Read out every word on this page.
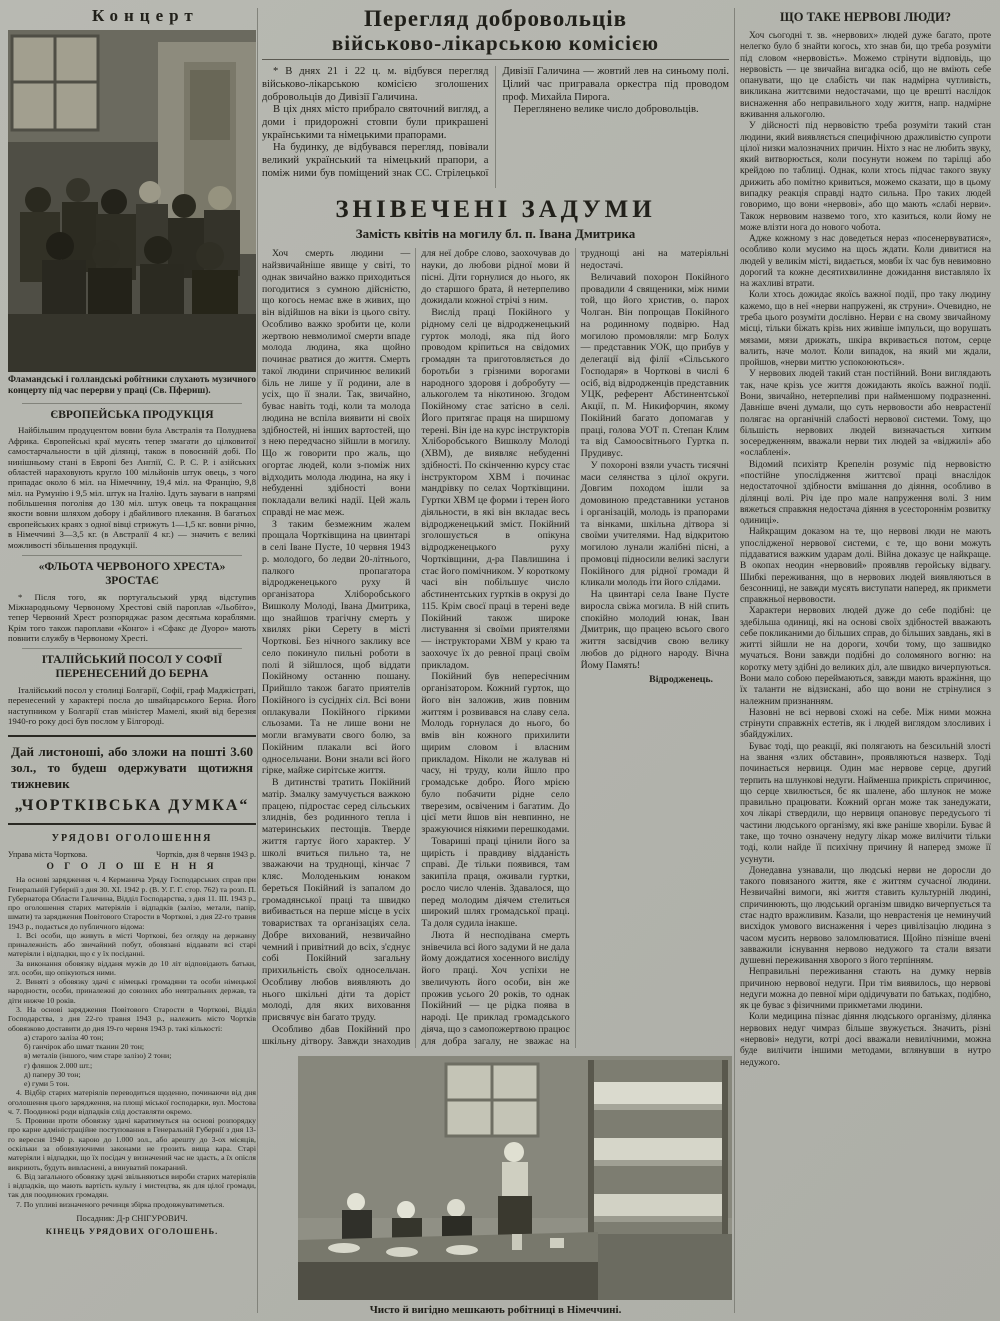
Концерт
Фламандські і голландські робітники слухають музичного концерту під час перерви у праці (Св. Пфериш).
ЄВРОПЕЙСЬКА ПРОДУКЦІЯ

Найбільшим продуцентом вовни була Австралія та Полуднева Африка. Європейські краї мусять тепер змагати до цілковитої самостарчальности в цій ділянці, також в повоєнній добі. По нинішньому стані в Европі без Англії, С. Р. С. Р. і азійських областей нараховують кругло 100 мільйонів штук овець, з чого припадає около 6 міл. на Німеччину, 19,4 міл. на Францію, 9,8 міл. на Румунію і 9,5 міл. штук на Італію. Ідуть зауваги в напрямі побільшення поголівя до 130 міл. штук овець та покращання якости вовни шляхом добору і дбайливого плекання. В багатьох європейських краях з одної вівці стрижуть 1—1,5 кг. вовни річно, в Німеччині 3—3,5 кг. (в Австралії 4 кг.) — значить є великі можливості збільшення продукції.

«ФЛЬОТА ЧЕРВОНОГО ХРЕСТА» ЗРОСТАЄ

* Після того, як португальський уряд відступив Міжнародньому Червоному Хрестові свій пароплав «Льобіто», тепер Червоний Хрест розпоряджає разом десятьма кораблями. Крім того також пароплави «Конго» і «Сфакс де Дуоро» мають повнити службу в Червоному Хресті.

ІТАЛІЙСЬКИЙ ПОСОЛ У СОФІЇ ПЕРЕНЕСЕНИЙ ДО БЕРНА

Італійський посол у столиці Болгарії, Софії, граф Маджістраті, перенесений у характері посла до швайцарського Берна. Його наступником у Болгарії став міністер Мамелі, який від березня 1940-го року досі був послом у Білгороді.

Дай листоноші, або зложи на пошті 3.60 зол., то будеш одержувати щотижня тижневик
„ЧОРТКІВСЬКА ДУМКА“
УРЯДОВІ ОГОЛОШЕННЯ
Управа міста Чорткова.	Чортків, дня 8 червня 1943 р.
О Г О Л О Ш Е Н Н Я

На основі зарядження ч. 4 Керманича Уряду Господарських справ при Генеральній Губернії з дня 30. XI. 1942 р. (В. У. Г. Г. стор. 762) та розп. П. Губернатора Области Галичина, Відділ Господарства, з дня 11. III. 1943 р., про оголошення старих матеріялів і відпадків (залізо, метали, папір, шмати) та зарядження Повітового Старости в Чорткові, з дня 22-го травня 1943 р., подається до публичного відома:

1. Всі особи, що живуть в місті Чорткові, без огляду на державну приналежність або звичайний побут, обовязані віддавати всі старі матеріяли і відпадки, що є у їх посіданні.

За виконання обовязку відданя мужів до 10 літ відповідають батьки, згл. особи, що опікуються ними.

2. Виняті з обовязку здачі є німецькі громадяни та особи німецької народности, особи, приналежні до союзних або невтральних держав, та діти нижче 10 років.

3. На основі зарядження Повітового Старости в Чорткові, Відділ Господарства, з дня 22-го травня 1943 р., належить місто Чортків обовязково доставити до дня 19-го червня 1943 р. такі кількості:

а) старого заліза 40 тон;

б) ганчірок або шмат тканин 20 тон;

в) металів (іншого, чим старе залізо) 2 тони;

г) фляшок 2.000 шт.;

д) паперу 30 тон;

е) гуми 5 тон.

4. Відбір старих матеріялів переводиться щоденно, починаючи від дня оголошення цього зарядження, на площі міської господарки, вул. Мостова ч. 7. Поодинокі роди відпадків слід доставляти окремо.

5. Провини проти обовязку здачі каратимуться на основі розпорядку про карне адміністраційне поступовання в Генеральній Губернії з дня 13-го вересня 1940 р. карою до 1.000 зол., або арешту до 3-ох місяців, оскільки за обовязуючими законами не грозить вища кара. Старі матеріяли і відпадки, що їх посідач у визначений час не здасть, а їх опісля викриють, будуть вивласнені, а винуватий покараний.

6. Від загального обовязку здачі звільняються вироби старих матеріялів і відпадків, що мають вартість культу і мистецтва, як для цілої громади, так для поодиноких громадян.

7. По упливі визначеного речинця збірка продовжуватиметься.

Посадник: Д-р СНІГУРОВИЧ.
КІНЕЦЬ УРЯДОВИХ ОГОЛОШЕНЬ.
Перегляд добровольців
військово-лікарською комісією

* В днях 21 і 22 ц. м. відбувся перегляд військово-лікарською комісією зголошених добровольців до Дивізії Галичина.

В ціх днях місто прибрало святочний вигляд, а доми і придорожні стовпи були прикрашені українськими та німецькими прапорами.

На будинку, де відбувався перегляд, повівали великий український та німецький прапори, а поміж ними був поміщений знак СС. Стрілецької Дивізії Галичина — жовтий лев на синьому полі. Цілий час пригравала оркестра під проводом проф. Михайла Пирога.

Переглянено велике число добровольців.

ЗНІВЕЧЕНІ ЗАДУМИ
Замість квітів на могилу бл. п. Івана Дмитрика

Хоч смерть людини — найзвичайніше явище у світі, то однак звичайно важко приходиться погодитися з сумною дійсністю, що когось немає вже в живих, що він відійшов на віки із цього світу. Особливо важко зробити це, коли жертвою невмолимої смерти впаде молода людина, яка щойно починає рватися до життя. Смерть такої людини спричинює великий біль не лише у її родини, але в усіх, що її знали. Так, звичайно, буває навіть тоді, коли та молода людина не вспіла виявити ні своїх здібностей, ні інших вартостей, що з нею передчасно зійшли в могилу. Що ж говорити про жаль, що огортає людей, коли з-поміж них відходить молода людина, на яку і небуденні здібності вони покладали великі надії. Цей жаль справді не має меж.

З таким безмежним жалем прощала Чортківщина на цвинтарі в селі Іване Пусте, 10 червня 1943 р. молодого, бо ледви 20-літнього, палкого пропагатора відродженецького руху й організатора Хліборобського Вишколу Молоді, Івана Дмитрика, що знайшов трагічну смерть у хвилях ріки Серету в місті Чорткові. Без нічного заклику все село покинуло пильні роботи в полі й зійшлося, щоб віддати Покійному останню пошану. Прийшло також багато приятелів Покійного із сусідніх сіл. Всі вони оплакували Покійного гіркими сльозами. Та не лише вони не могли вгамувати свого болю, за Покійним плакали всі його односельчани. Вони знали всі його гірке, майже сирітське життя.

В дитинстві тратить Покійний матір. Змалку замучується важкою працею, підростає серед сільських злиднів, без родинного тепла і материнських пестощів. Тверде життя гартує його характер. У школі вчиться пильно та, не зважаючи на труднощі, кінчає 7 кляс. Молоденьким юнаком береться Покійний із запалом до громадянської праці та швидко вибивається на перше місце в усіх товариствах та організаціях села. Добре вихований, незвичайно чемний і привітний до всіх, з'єднує собі Покійний загальну прихильність своїх односельчан. Особливу любов виявляють до нього шкільні діти та доріст молоді, для яких виховання присвячує він багато труду.

Особливо дбав Покійний про шкільну дітвору. Завжди знаходив для неї добре слово, заохочував до науки, до любови рідної мови й пісні. Діти горнулися до нього, як до старшого брата, й нетерпеливо дожидали кожної стрічі з ним.

Вислід праці Покійного у рідному селі це відродженецький гурток молоді, яка під його проводом кріпиться на свідомих громадян та приготовляється до боротьби з грізними ворогами народного здоровя і добробуту — алькоголем та нікотиною. Згодом Покійному стає затісно в селі. Його притягає праця на ширшому терені. Він іде на курс інструкторів Хліборобського Вишколу Молоді (ХВМ), де виявляє небуденні здібності. По скінченню курсу стає інструктором ХВМ і починає мандрівку по селах Чортківщини. Гуртки ХВМ це форми і терен його діяльности, в які він вкладає весь відродженецький зміст. Покійний зголошується в опікуна відродженецького руху Чортківщини, д-ра Павлишина і стає його помічником. У короткому часі він побільшує число абстинентських гуртків в окрузі до 115. Крім своєї праці в терені веде Покійний також широке листування зі своїми приятелями — інструкторами ХВМ у краю та заохочує їх до ревної праці своїм прикладом.

Покійний був непересічним організатором. Кожний гурток, що його він заложив, жив повним життям і розвивався на славу села. Молодь горнулася до нього, бо вмів він кожного прихилити щирим словом і власним прикладом. Ніколи не жалував ні часу, ні труду, коли йшло про громадське добро. Його мрією було побачити рідне село тверезим, освіченим і багатим. До цієї мети йшов він невпинно, не зражуючися ніякими перешкодами.

Товариші праці цінили його за щирість і правдиву відданість справі. Де тільки появився, там закипіла праця, оживали гуртки, росло число членів. Здавалося, що перед молодим діячем стелиться широкий шлях громадської праці. Та доля судила інакше.

Люта й несподівана смерть знівечила всі його задуми й не дала йому дождатися хосенного висліду його праці. Хоч успіхи не звеличують його особи, він же прожив усього 20 років, то однак Покійний — це рідка поява в народі. Це приклад громадського діяча, що з самопожертвою працює для добра загалу, не зважає на труднощі ані на матеріяльні недостачі.

Величавий похорон Покійного провадили 4 священики, між ними той, що його христив, о. парох Чолган. Він попрощав Покійного на родинному подвірю. Над могилою промовляли: мгр Болух — представник УОК, що прибув у делегації від філії «Сільського Господаря» в Чорткові в числі 6 осіб, від відродженців представник УЦК, референт Абстинентської Акції, п. М. Никифорчин, якому Покійний багато допомагав у праці, голова УОТ п. Степан Клим та від Самоосвітнього Гуртка п. Прудивус.

У похороні взяли участь тисячні маси селянства з цілої округи. Довгим походом ішли за домовиною представники установ і організацій, молодь із прапорами та вінками, шкільна дітвора зі своїми учителями. Над відкритою могилою лунали жалібні пісні, а промовці підносили великі заслуги Покійного для рідної громади й кликали молодь іти його слідами.

На цвинтарі села Іване Пусте виросла свіжа могила. В ній спить спокійно молодий юнак, Іван Дмитрик, що працею всього свого життя засвідчив свою велику любов до рідного народу. Вічна Йому Память!

Відродженець.

Чисто й вигідно мешкають робітниці в Німеччині.
ЩО ТАКЕ НЕРВОВІ ЛЮДИ?

Хоч сьогодні т. зв. «нервових» людей дуже багато, проте нелегко було б знайти когось, хто знав би, що треба розуміти під словом «нервовість». Можемо стрінути відповідь, що нервовість — це звичайна вигадка осіб, що не вміють себе опанувати, що це слабість чи пак надмірна чутливість, викликана життєвими недостачами, що це врешті наслідок виснаження або неправильного ходу життя, напр. надмірне вживання алькоголю.

У дійсності під нервовістю треба розуміти такий стан людини, який виявляється специфічною дражливістю супроти цілої низки малозначних причин. Ніхто з нас не любить звуку, який витворюється, коли посунути ножем по тарілці або крейдою по таблиці. Однак, коли хтось підчас такого звуку дрижить або помітно кривиться, можемо сказати, що в цьому випадку реакція справді надто сильна. Про таких людей говоримо, що вони «нервові», або що мають «слабі нерви». Також нервовим назвемо того, хто казиться, коли йому не може влізти нога до нового чобота.

Адже кожному з нас доведеться нераз «посенервуватися», особливо коли мусимо на щось ждати. Коли дивитися на людей у великім місті, видається, мовби їх час був невимовно дорогий та кожне десятихвилинне дожидання виставляло їх на жахливі втрати.

Коли хтось дожидає якоїсь важної події, про таку людину кажемо, що в неї «нерви напружені, як струни». Очевидно, не треба цього розуміти дослівно. Нерви є на свому звичайному місці, тільки біжать крізь них живіше імпульси, що ворушать мязами, мязи дрижать, шкіра вкривається потом, серце валить, наче молот. Коли випадок, на який ми ждали, пройшов, «нерви миттю успокоюються».

У нервових людей такий стан постійний. Вони виглядають так, наче крізь усе життя дожидають якоїсь важної події. Вони, звичайно, нетерпеливі при найменшому подразненні. Давніше вчені думали, що суть нервовости або неврастенії полягає на органічній слабості нервової системи. Тому, що більшість нервових людей визначається хитким зосередженням, вважали нерви тих людей за «віджилі» або «ослаблені».

Відомий психіятр Крепелін розуміє під нервовістю «постійне упослідження життєвої праці внаслідок недостаточної здібности вмішання до діяння, особливо в ділянці волі. Річ іде про мале напруження волі. З ним вяжеться справжня недостача діяння в усестороннім розвитку одиниці».

Найкращим доказом на те, що нервові люди не мають упослідженої нервової системи, є те, що вони можуть піддаватися важким ударам долі. Війна доказує це найкраще. В окопах неодин «нервовий» проявляв геройську відвагу. Шибкі переживання, що в нервових людей виявляються в безсонниці, не завжди мусять виступати наперед, як прикмети справжньої нервовости.

Характери нервових людей дуже до себе подібні: це здебільша одиниці, які на основі своїх здібностей вважають себе покликаними до більших справ, до більших завдань, які в житті зійшли не на дороги, хочби тому, що зашвидко мучаться. Вони завжди подібні до соломяного вогню: на коротку мету здібні до великих діл, але швидко вичерпуються. Вони мало собою переймаються, завжди мають вражіння, що їх таланти не відзискані, або що вони не стрінулися з належним признанням.

Назовні не всі нервові схожі на себе. Між ними можна стрінути справжніх естетів, як і людей виглядом злосливих і збайдужілих.

Буває тоді, що реакції, які полягають на безсильній злості на звання «злих обставин», проявляються назверх. Тоді починається нервиця. Один має нервове серце, другий терпить на шлункові недуги. Найменша прикрість спричинює, що серце хвилюється, бє як шалене, або шлунок не може правильно працювати. Кожний орган може так занедужати, хоч лікарі ствердили, що нервиця опановує передусього ті частини людського організму, які вже раніше хворіли. Буває й таке, що точно означену недугу лікар може вилічити тільки тоді, коли найде її психічну причину й наперед зможе її усунути.

Донедавна узнавали, що людські нерви не доросли до такого повязаного життя, яке є життям сучасної людини. Незвичайні вимоги, які життя ставить культурній людині, спричинюють, що людський організм швидко вичерпується та стає надто вражливим. Казали, що неврастенія це неминучий висхідок умового виснаження і через цивілізацію людина з часом мусить нервово заломлюватися. Щойно пізніше вчені завважили існування нервово недужого та стали вязати душевні переживання хворого з його терпінням.

Неправильні переживання стають на думку нервів причиною нервової недуги. При тім виявилось, що нервові недуги можна до певної міри одідичувати по батьках, подібно, як це буває з фізичними прикметами людини.

Коли медицина пізнає діяння людського організму, ділянка нервових недуг чимраз більше звужується. Значить, різні «нервові» недуги, котрі досі вважали невилічними, можна буде вилічити іншими методами, вглянувши в нутро недужого.
